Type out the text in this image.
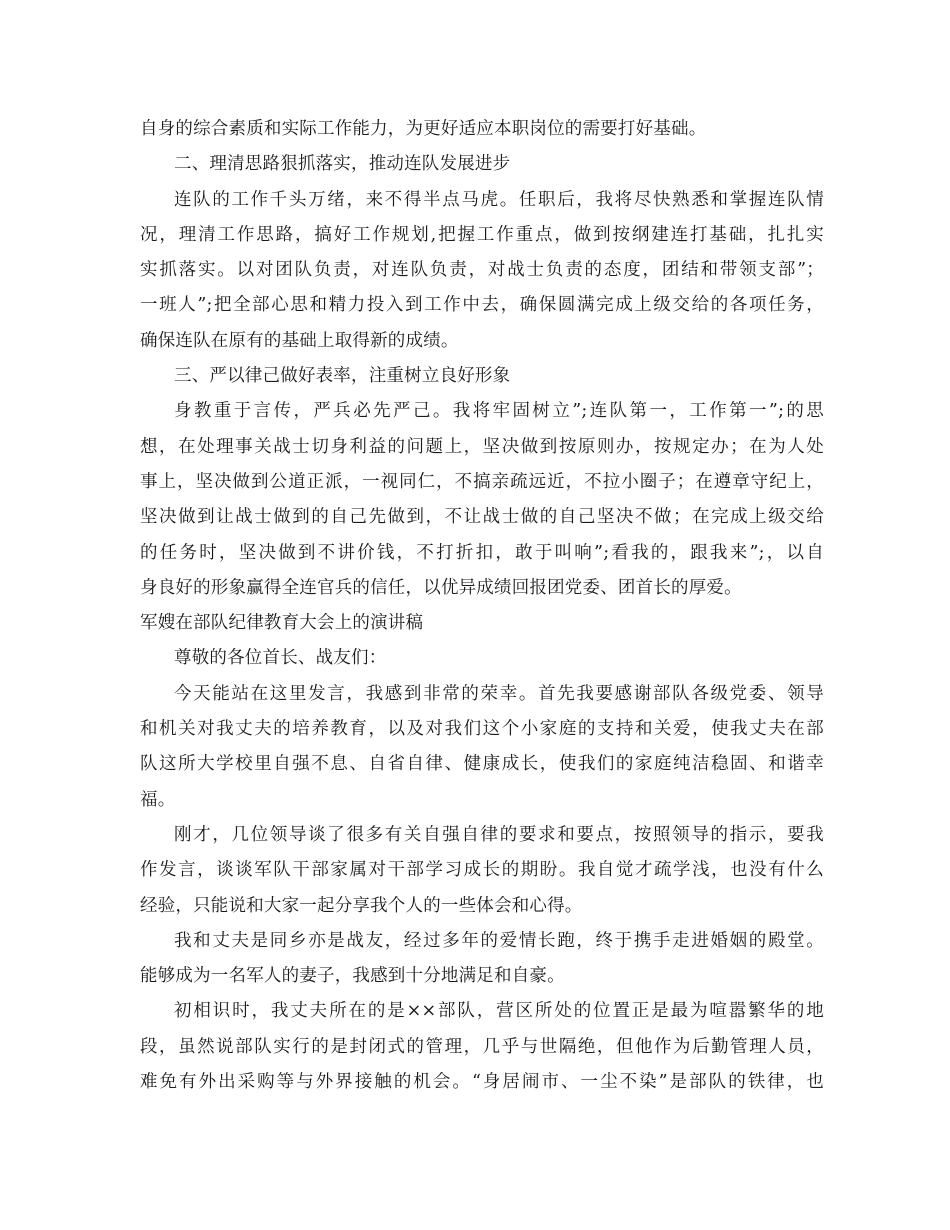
自身的综合素质和实际工作能力，为更好适应本职岗位的需要打好基础。
二、理清思路狠抓落实，推动连队发展进步
连队的工作千头万绪，来不得半点马虎。任职后，我将尽快熟悉和掌握连队情
况，理清工作思路，搞好工作规划,把握工作重点，做到按纲建连打基础，扎扎实
实抓落实。以对团队负责，对连队负责，对战士负责的态度，团结和带领支部”；
一班人”;把全部心思和精力投入到工作中去，确保圆满完成上级交给的各项任务，
确保连队在原有的基础上取得新的成绩。
三、严以律己做好表率，注重树立良好形象
身教重于言传，严兵必先严己。我将牢固树立”;连队第一，工作第一”;的思
想，在处理事关战士切身利益的问题上，坚决做到按原则办，按规定办；在为人处
事上，坚决做到公道正派，一视同仁，不搞亲疏远近，不拉小圈子；在遵章守纪上，
坚决做到让战士做到的自己先做到，不让战士做的自己坚决不做；在完成上级交给
的任务时，坚决做到不讲价钱，不打折扣，敢于叫响”;看我的，跟我来”;，以自
身良好的形象赢得全连官兵的信任，以优异成绩回报团党委、团首长的厚爱。
军嫂在部队纪律教育大会上的演讲稿
尊敬的各位首长、战友们：
今天能站在这里发言，我感到非常的荣幸。首先我要感谢部队各级党委、领导
和机关对我丈夫的培养教育，以及对我们这个小家庭的支持和关爱，使我丈夫在部
队这所大学校里自强不息、自省自律、健康成长，使我们的家庭纯洁稳固、和谐幸
福。
刚才，几位领导谈了很多有关自强自律的要求和要点，按照领导的指示，要我
作发言，谈谈军队干部家属对干部学习成长的期盼。我自觉才疏学浅，也没有什么
经验，只能说和大家一起分享我个人的一些体会和心得。
我和丈夫是同乡亦是战友，经过多年的爱情长跑，终于携手走进婚姻的殿堂。
能够成为一名军人的妻子，我感到十分地满足和自豪。
初相识时，我丈夫所在的是××部队，营区所处的位置正是最为喧嚣繁华的地
段，虽然说部队实行的是封闭式的管理，几乎与世隔绝，但他作为后勤管理人员，
难免有外出采购等与外界接触的机会。“身居闹市、一尘不染”是部队的铁律，也
